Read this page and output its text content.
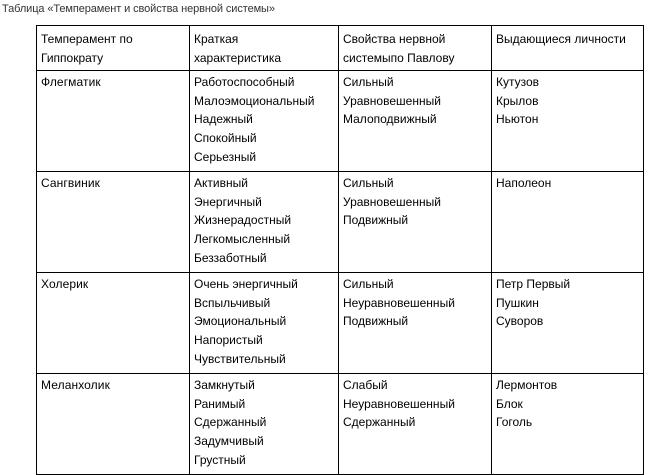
Таблица «Темперамент и свойства нервной системы»
Темперамент по
Гиппократу	Краткая
характеристика	Свойства нервной
системыпо Павлову	Выдающиеся личности

Флегматик	Работоспособный
Малоэмоциональный
Надежный
Спокойный
Серьезный	Сильный
Уравновешенный
Малоподвижный	Кутузов
Крылов
Ньютон

Сангвиник	Активный
Энергичный
Жизнерадостный
Легкомысленный
Беззаботный	Сильный
Уравновешенный
Подвижный	Наполеон

Холерик	Очень энергичный
Вспыльчивый
Эмоциональный
Напористый
Чувствительный	Сильный
Неуравновешенный
Подвижный	Петр Первый
Пушкин
Суворов

Меланхолик	Замкнутый
Ранимый
Сдержанный
Задумчивый
Грустный	Слабый
Неуравновешенный
Сдержанный	Лермонтов
Блок
Гоголь
